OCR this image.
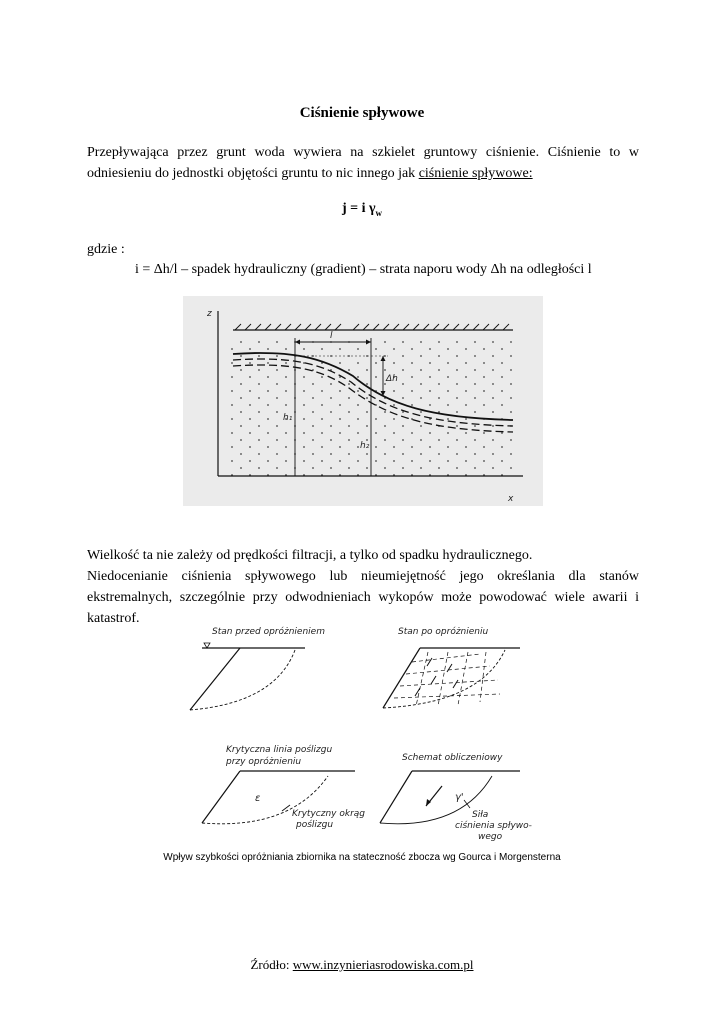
Ciśnienie spływowe
Przepływająca przez grunt woda wywiera na szkielet gruntowy ciśnienie. Ciśnienie to w odniesieniu do jednostki objętości gruntu to nic innego jak ciśnienie spływowe:
j = i $\gamma_w$
gdzie :
i = Δh/l – spadek hydrauliczny (gradient) – strata naporu wody Δh na odległości l
z
x
h₁
h₂
l
Δh
Wielkość ta nie zależy od prędkości filtracji, a tylko od spadku hydraulicznego.
Niedocenianie ciśnienia spływowego lub nieumiejętność jego określania dla stanów ekstremalnych, szczególnie przy odwodnieniach wykopów może powodować wiele awarii i katastrof.
Stan przed opróżnieniem	Stan po opróżnieniu
Krytyczna linia poślizgu
przy opróżnieniu
ε
Krytyczny okrąg
poślizgu
Schemat obliczeniowy
γ'
Siła
ciśnienia spływo-
wego
Wpływ szybkości opróżniania zbiornika na stateczność zbocza wg Gourca i Morgensterna
Źródło: www.inzynieriasrodowiska.com.pl
